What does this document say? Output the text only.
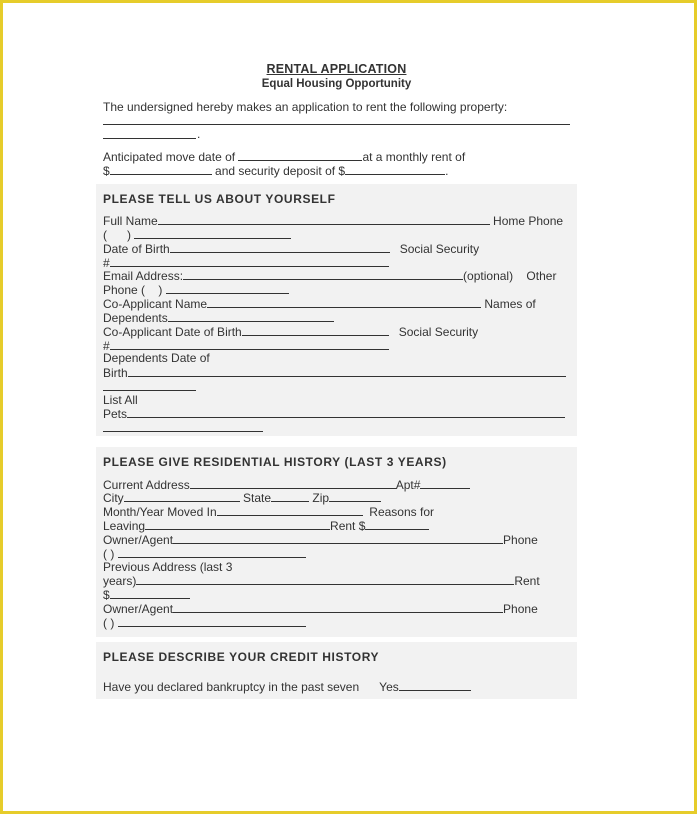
RENTAL APPLICATION
Equal Housing Opportunity
The undersigned hereby makes an application to rent the following property:
.
Anticipated move date of	at a monthly rent of
$	and security deposit of $	.
PLEASE TELL US ABOUT YOURSELF
Full Name	Home Phone
( )
Date of Birth	Social Security
#
Email Address:	(optional) Other
Phone ( )
Co-Applicant Name	Names of
Dependents
Co-Applicant Date of Birth	Social Security
#
Dependents Date of
Birth
List All
Pets
PLEASE GIVE RESIDENTIAL HISTORY (LAST 3 YEARS)
Current Address	Apt#
City	State	Zip
Month/Year Moved In	Reasons for
Leaving	Rent $
Owner/Agent	Phone
( )
Previous Address (last 3
years)	Rent
$
Owner/Agent	Phone
( )
PLEASE DESCRIBE YOUR CREDIT HISTORY
Have you declared bankruptcy in the past seven Yes
